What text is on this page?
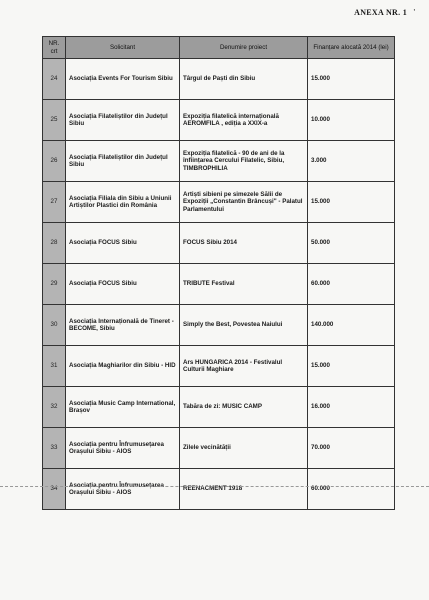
ANEXA NR. 1 '
NR. crt	Solicitant	Denumire proiect	Finanțare alocată 2014 (lei)
24	Asociația Events For Tourism Sibiu	Târgul de Paști din Sibiu	15.000
25	Asociația Filateliștilor din Județul Sibiu	Expoziția filatelică internațională AEROMFILA , ediția a XXIX-a	10.000
26	Asociația Filateliștilor din Județul Sibiu	Expoziția filatelică - 90 de ani de la înființarea Cercului Filatelic, Sibiu, TIMBROPHILIA	3.000
27	Asociația Filiala din Sibiu a Uniunii Artiștilor Plastici din România	Artiști sibieni pe simezele Sălii de Expoziții „Constantin Brâncuși" - Palatul Parlamentului	15.000
28	Asociația FOCUS Sibiu	FOCUS Sibiu 2014	50.000
29	Asociația FOCUS Sibiu	TRIBUTE Festival	60.000
30	Asociația Internațională de Tineret - BECOME, Sibiu	Simply the Best, Povestea Naiului	140.000
31	Asociația Maghiarilor din Sibiu - HID	Ars HUNGARICA 2014 - Festivalul Culturii Maghiare	15.000
32	Asociația Music Camp International, Brașov	Tabăra de zi: MUSIC CAMP	16.000
33	Asociația pentru Înfrumusețarea Orașului Sibiu - AIOS	Zilele vecinătății	70.000
34	Asociația pentru Înfrumusețarea Orașului Sibiu - AIOS	REENACMENT 1918	60.000
